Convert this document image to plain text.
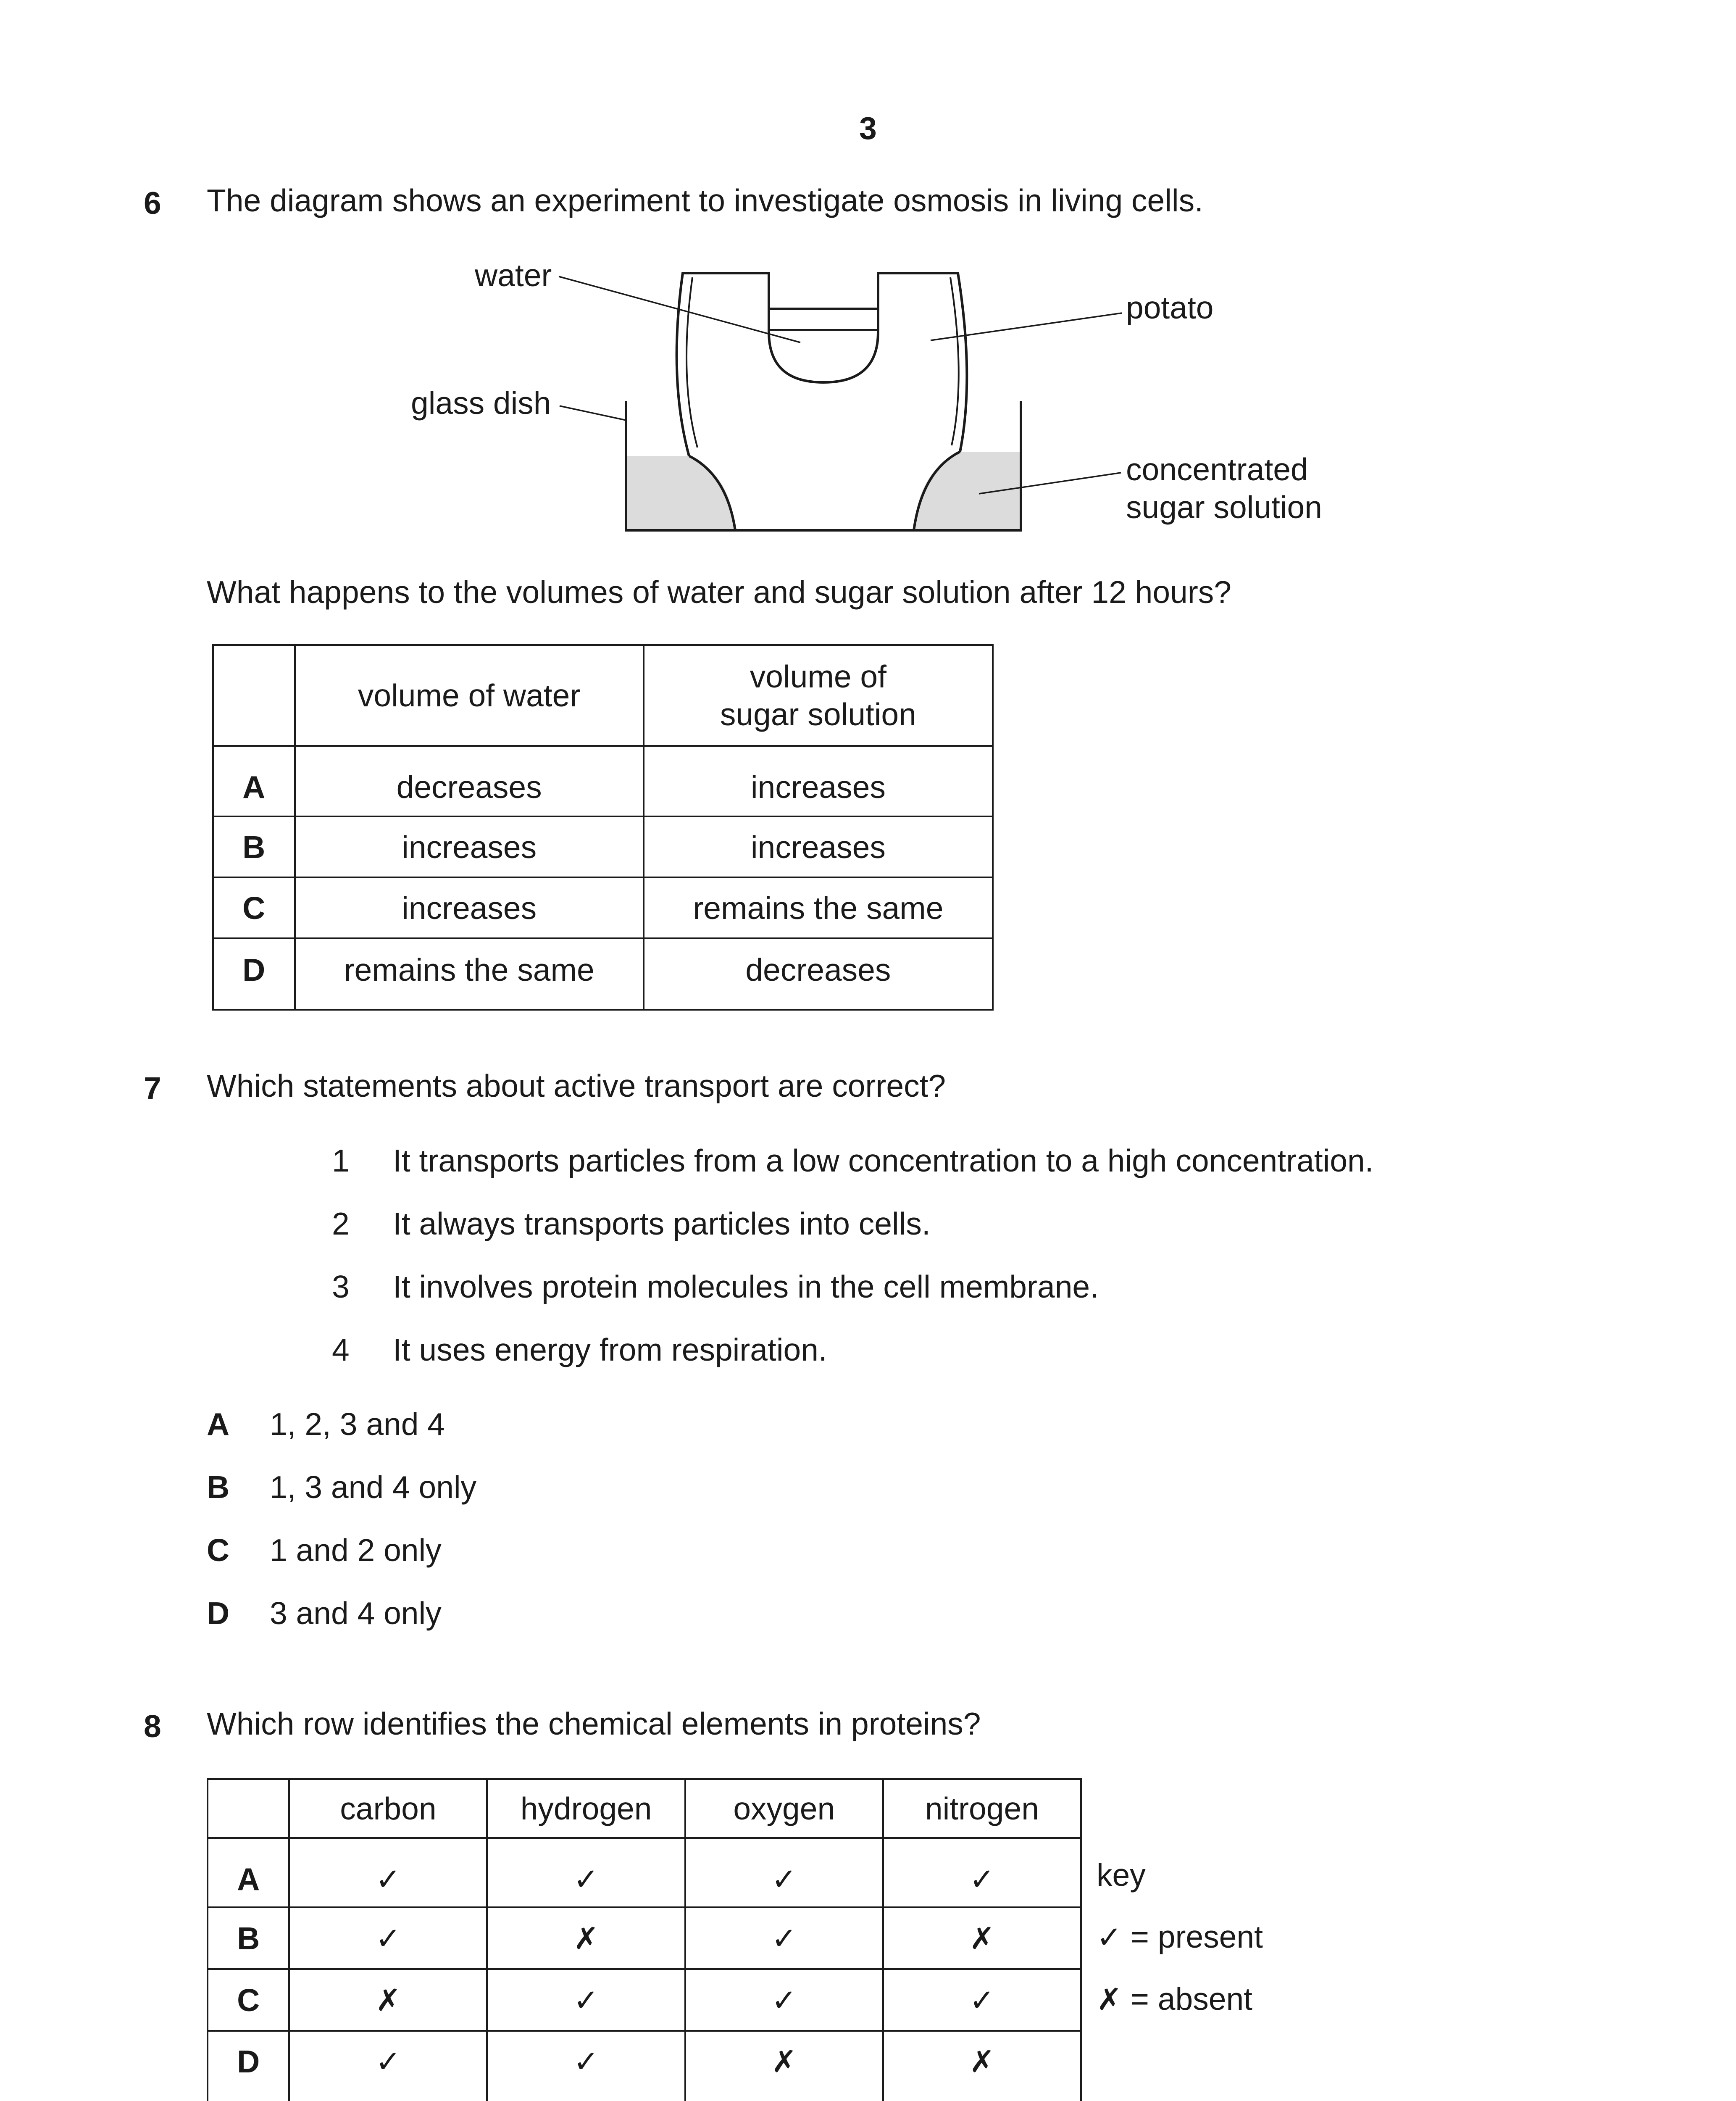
3
6 The diagram shows an experiment to investigate osmosis in living cells.
water
potato
glass dish
concentrated
sugar solution
What happens to the volumes of water and sugar solution after 12 hours?
	volume of water	volume of
sugar solution
A	decreases	increases
B	increases	increases
C	increases	remains the same
D	remains the same	decreases
7 Which statements about active transport are correct?
1 It transports particles from a low concentration to a high concentration.
2 It always transports particles into cells.
3 It involves protein molecules in the cell membrane.
4 It uses energy from respiration.
A 1, 2, 3 and 4
B 1, 3 and 4 only
C 1 and 2 only
D 3 and 4 only
8 Which row identifies the chemical elements in proteins?
	carbon	hydrogen	oxygen	nitrogen
A	✓	✓	✓	✓
B	✓	✗	✓	✗
C	✗	✓	✓	✓
D	✓	✓	✗	✗
key
✓ = present
✗ = absent
